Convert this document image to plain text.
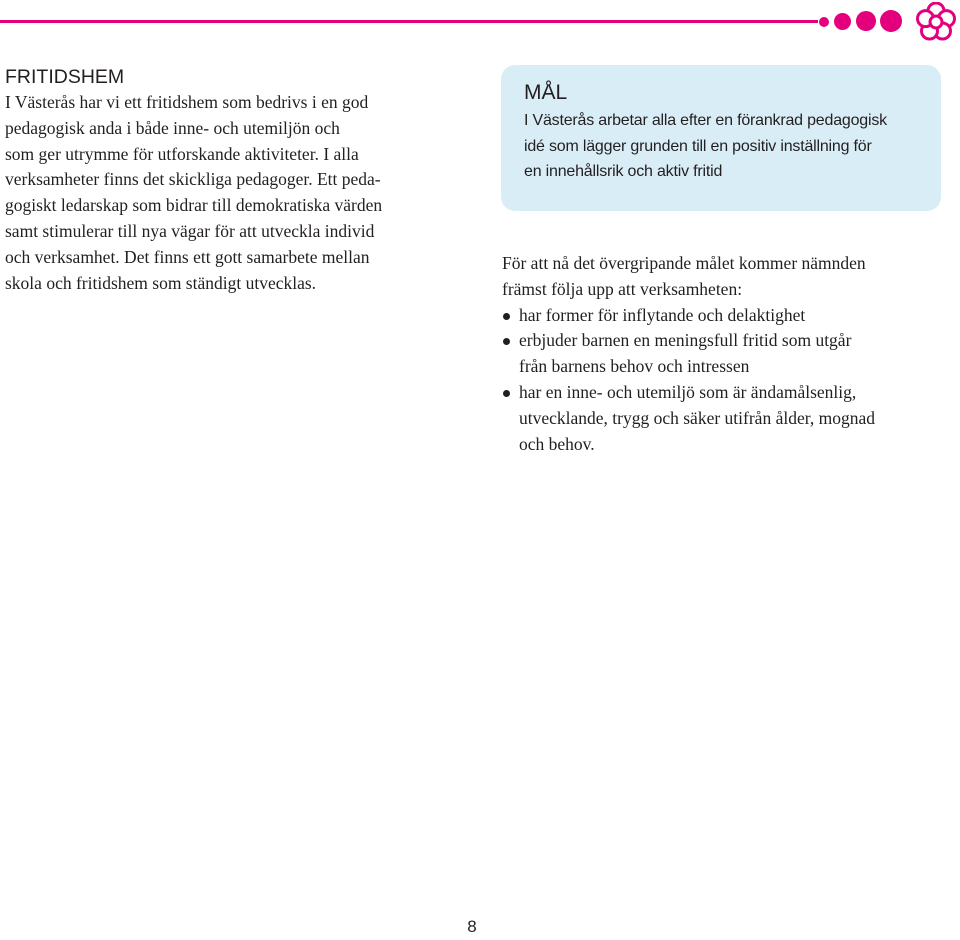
FRITIDSHEM

I Västerås har vi ett fritidshem som bedrivs i en god
pedagogisk anda i både inne- och utemiljön och
som ger utrymme för utforskande aktiviteter. I alla
verksamheter finns det skickliga pedagoger. Ett peda-
gogiskt ledarskap som bidrar till demokratiska värden
samt stimulerar till nya vägar för att utveckla individ
och verksamhet. Det finns ett gott samarbete mellan
skola och fritidshem som ständigt utvecklas.

MÅL

I Västerås arbetar alla efter en förankrad pedagogisk
idé som lägger grunden till en positiv inställning för
en innehållsrik och aktiv fritid

För att nå det övergripande målet kommer nämnden
främst följa upp att verksamheten:

har former för inflytande och delaktighet
erbjuder barnen en meningsfull fritid som utgår
från barnens behov och intressen
har en inne- och utemiljö som är ändamålsenlig,
utvecklande, trygg och säker utifrån ålder, mognad
och behov.
8
